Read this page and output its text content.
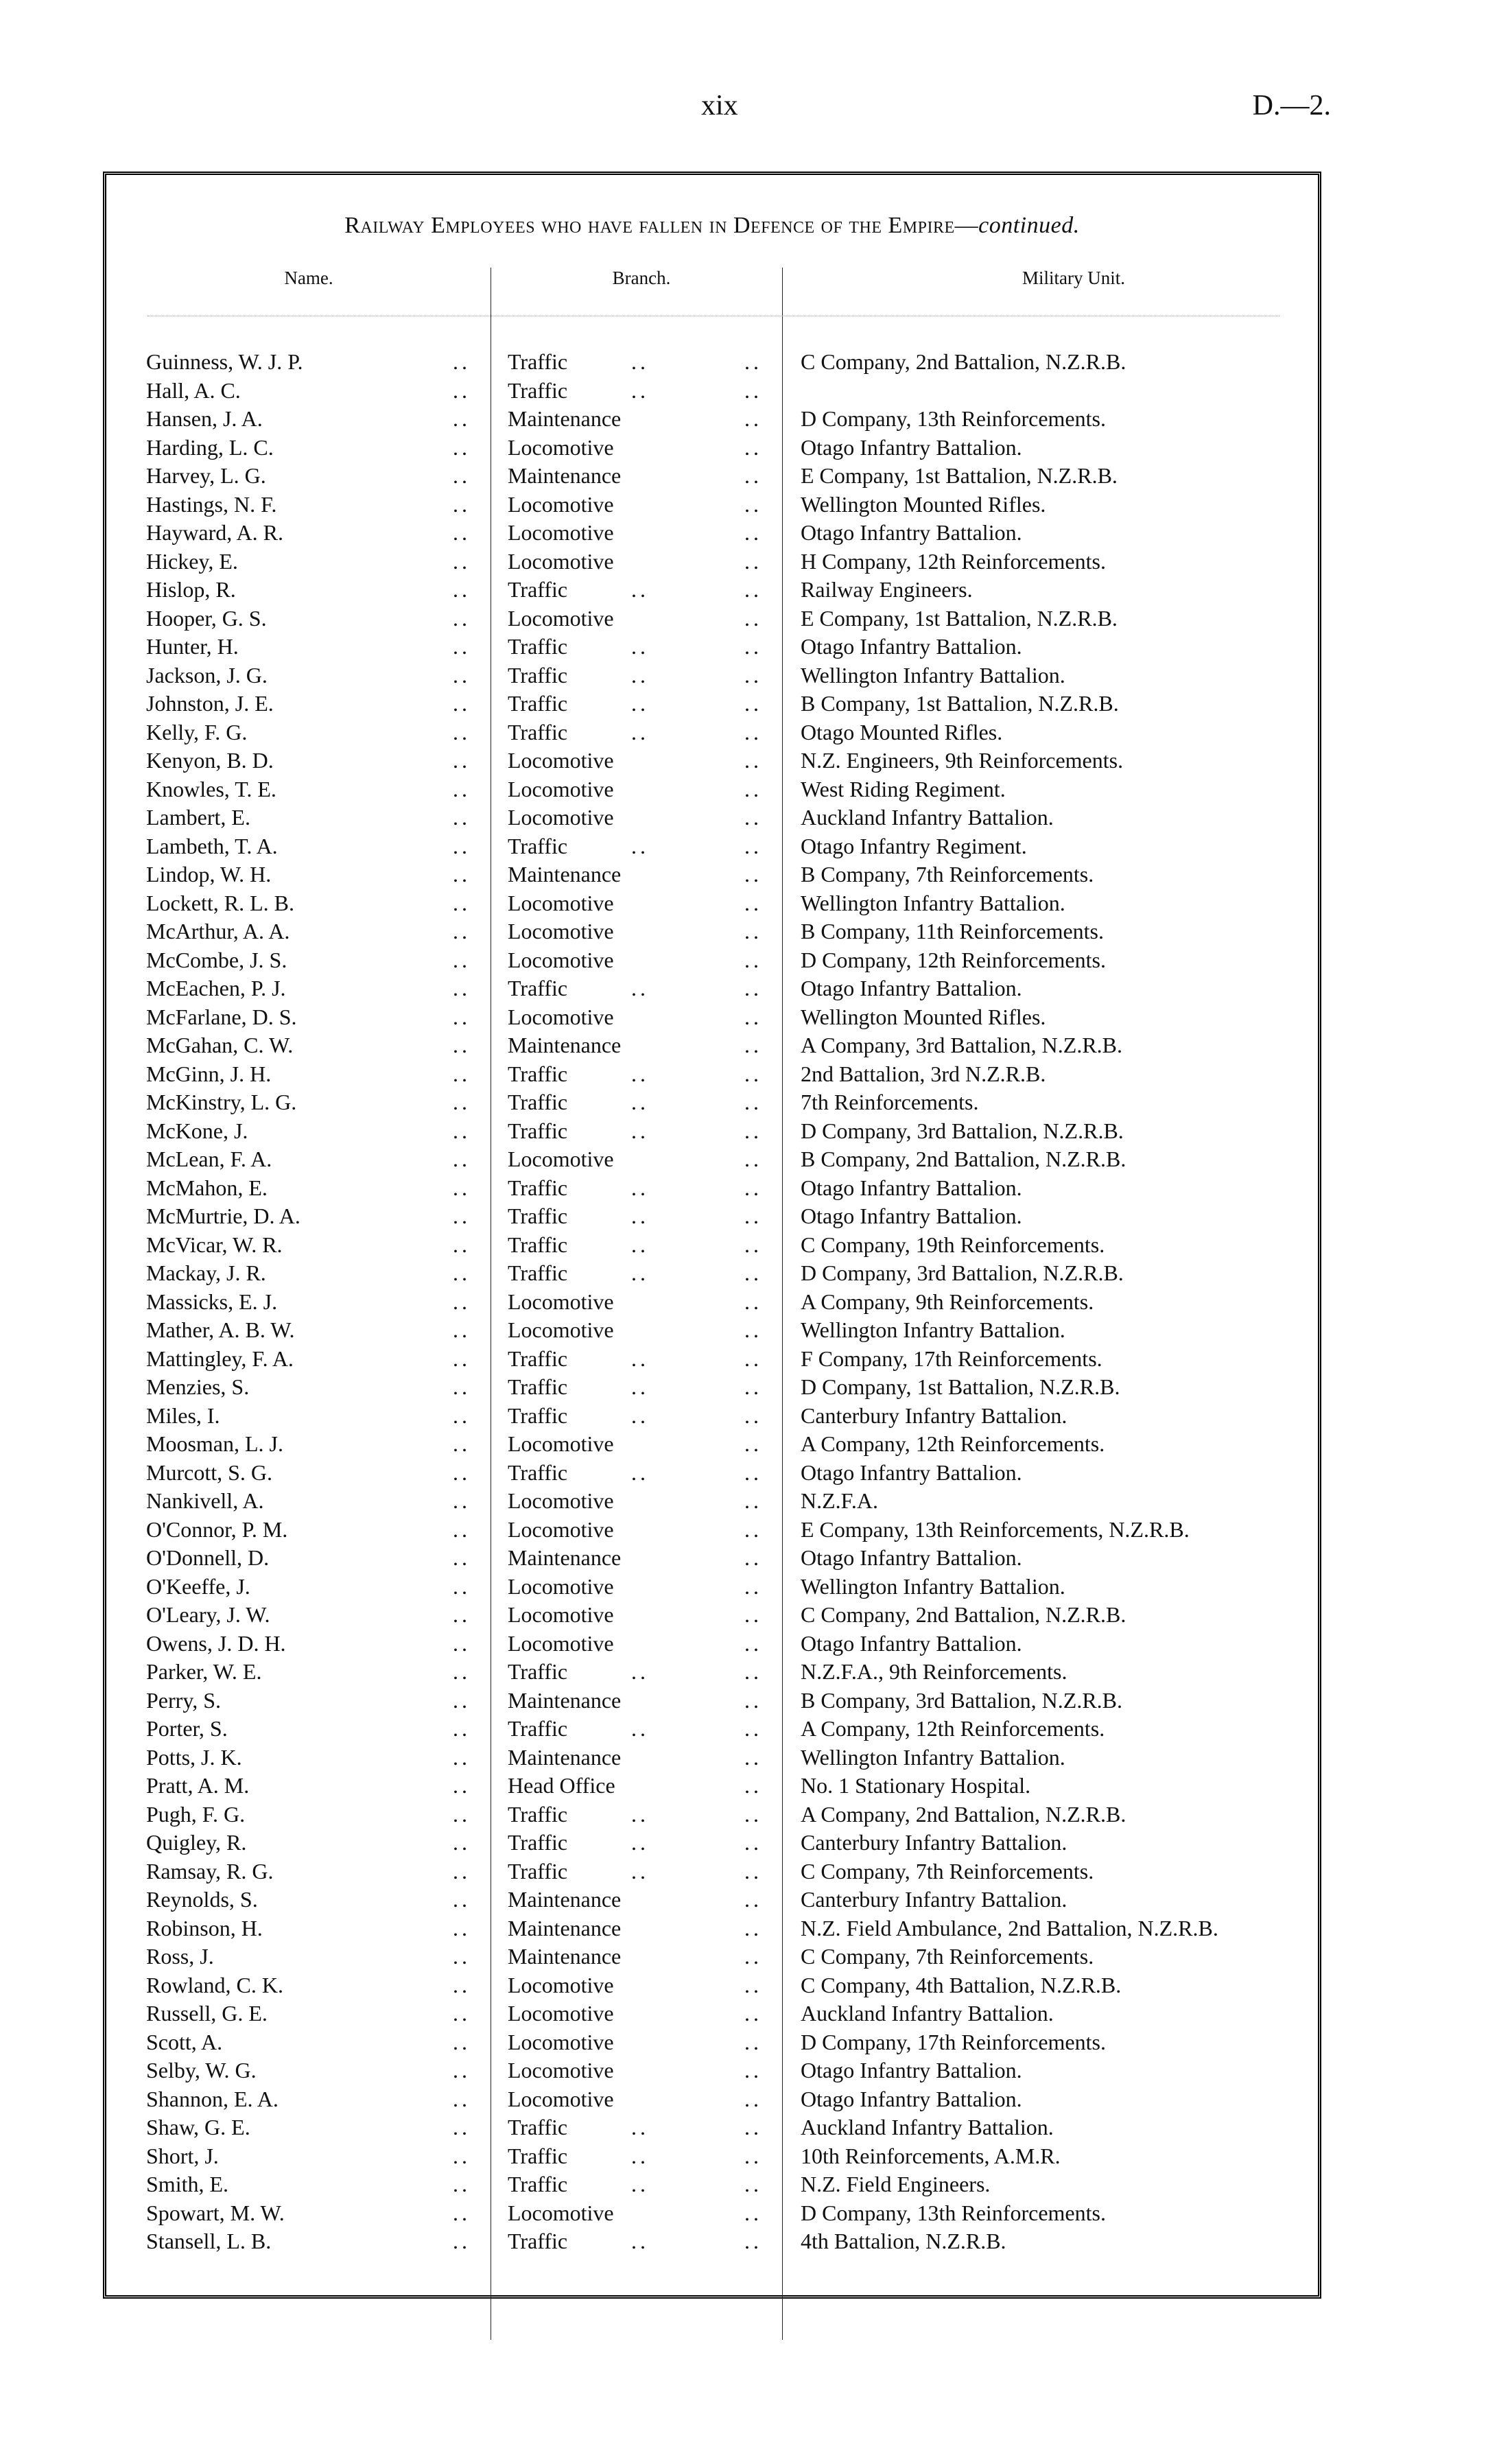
xix	D.—2.
Railway Employees who have fallen in Defence of the Empire—continued.
Name.	Branch.	Military Unit.
Guinness, W. J. P.	.. Traffic	..	.. C Company, 2nd Battalion, N.Z.R.B.
Hall, A. C.	.. Traffic	..	..
Hansen, J. A.	.. Maintenance	.. D Company, 13th Reinforcements.
Harding, L. C.	.. Locomotive	.. Otago Infantry Battalion.
Harvey, L. G.	.. Maintenance	.. E Company, 1st Battalion, N.Z.R.B.
Hastings, N. F.	.. Locomotive	.. Wellington Mounted Rifles.
Hayward, A. R.	.. Locomotive	.. Otago Infantry Battalion.
Hickey, E.	.. Locomotive	.. H Company, 12th Reinforcements.
Hislop, R.	.. Traffic	..	.. Railway Engineers.
Hooper, G. S.	.. Locomotive	.. E Company, 1st Battalion, N.Z.R.B.
Hunter, H.	.. Traffic	..	.. Otago Infantry Battalion.
Jackson, J. G.	.. Traffic	..	.. Wellington Infantry Battalion.
Johnston, J. E.	.. Traffic	..	.. B Company, 1st Battalion, N.Z.R.B.
Kelly, F. G.	.. Traffic	..	.. Otago Mounted Rifles.
Kenyon, B. D.	.. Locomotive	.. N.Z. Engineers, 9th Reinforcements.
Knowles, T. E.	.. Locomotive	.. West Riding Regiment.
Lambert, E.	.. Locomotive	.. Auckland Infantry Battalion.
Lambeth, T. A.	.. Traffic	..	.. Otago Infantry Regiment.
Lindop, W. H.	.. Maintenance	.. B Company, 7th Reinforcements.
Lockett, R. L. B.	.. Locomotive	.. Wellington Infantry Battalion.
McArthur, A. A.	.. Locomotive	.. B Company, 11th Reinforcements.
McCombe, J. S.	.. Locomotive	.. D Company, 12th Reinforcements.
McEachen, P. J.	.. Traffic	..	.. Otago Infantry Battalion.
McFarlane, D. S.	.. Locomotive	.. Wellington Mounted Rifles.
McGahan, C. W.	.. Maintenance	.. A Company, 3rd Battalion, N.Z.R.B.
McGinn, J. H.	.. Traffic	..	.. 2nd Battalion, 3rd N.Z.R.B.
McKinstry, L. G.	.. Traffic	..	.. 7th Reinforcements.
McKone, J.	.. Traffic	..	.. D Company, 3rd Battalion, N.Z.R.B.
McLean, F. A.	.. Locomotive	.. B Company, 2nd Battalion, N.Z.R.B.
McMahon, E.	.. Traffic	..	.. Otago Infantry Battalion.
McMurtrie, D. A.	.. Traffic	..	.. Otago Infantry Battalion.
McVicar, W. R.	.. Traffic	..	.. C Company, 19th Reinforcements.
Mackay, J. R.	.. Traffic	..	.. D Company, 3rd Battalion, N.Z.R.B.
Massicks, E. J.	.. Locomotive	.. A Company, 9th Reinforcements.
Mather, A. B. W.	.. Locomotive	.. Wellington Infantry Battalion.
Mattingley, F. A.	.. Traffic	..	.. F Company, 17th Reinforcements.
Menzies, S.	.. Traffic	..	.. D Company, 1st Battalion, N.Z.R.B.
Miles, I.	.. Traffic	..	.. Canterbury Infantry Battalion.
Moosman, L. J.	.. Locomotive	.. A Company, 12th Reinforcements.
Murcott, S. G.	.. Traffic	..	.. Otago Infantry Battalion.
Nankivell, A.	.. Locomotive	.. N.Z.F.A.
O'Connor, P. M.	.. Locomotive	.. E Company, 13th Reinforcements, N.Z.R.B.
O'Donnell, D.	.. Maintenance	.. Otago Infantry Battalion.
O'Keeffe, J.	.. Locomotive	.. Wellington Infantry Battalion.
O'Leary, J. W.	.. Locomotive	.. C Company, 2nd Battalion, N.Z.R.B.
Owens, J. D. H.	.. Locomotive	.. Otago Infantry Battalion.
Parker, W. E.	.. Traffic	..	.. N.Z.F.A., 9th Reinforcements.
Perry, S.	.. Maintenance	.. B Company, 3rd Battalion, N.Z.R.B.
Porter, S.	.. Traffic	..	.. A Company, 12th Reinforcements.
Potts, J. K.	.. Maintenance	.. Wellington Infantry Battalion.
Pratt, A. M.	.. Head Office	.. No. 1 Stationary Hospital.
Pugh, F. G.	.. Traffic	..	.. A Company, 2nd Battalion, N.Z.R.B.
Quigley, R.	.. Traffic	..	.. Canterbury Infantry Battalion.
Ramsay, R. G.	.. Traffic	..	.. C Company, 7th Reinforcements.
Reynolds, S.	.. Maintenance	.. Canterbury Infantry Battalion.
Robinson, H.	.. Maintenance	.. N.Z. Field Ambulance, 2nd Battalion, N.Z.R.B.
Ross, J.	.. Maintenance	.. C Company, 7th Reinforcements.
Rowland, C. K.	.. Locomotive	.. C Company, 4th Battalion, N.Z.R.B.
Russell, G. E.	.. Locomotive	.. Auckland Infantry Battalion.
Scott, A.	.. Locomotive	.. D Company, 17th Reinforcements.
Selby, W. G.	.. Locomotive	.. Otago Infantry Battalion.
Shannon, E. A.	.. Locomotive	.. Otago Infantry Battalion.
Shaw, G. E.	.. Traffic	..	.. Auckland Infantry Battalion.
Short, J.	.. Traffic	..	.. 10th Reinforcements, A.M.R.
Smith, E.	.. Traffic	..	.. N.Z. Field Engineers.
Spowart, M. W.	.. Locomotive	.. D Company, 13th Reinforcements.
Stansell, L. B.	.. Traffic	..	.. 4th Battalion, N.Z.R.B.
